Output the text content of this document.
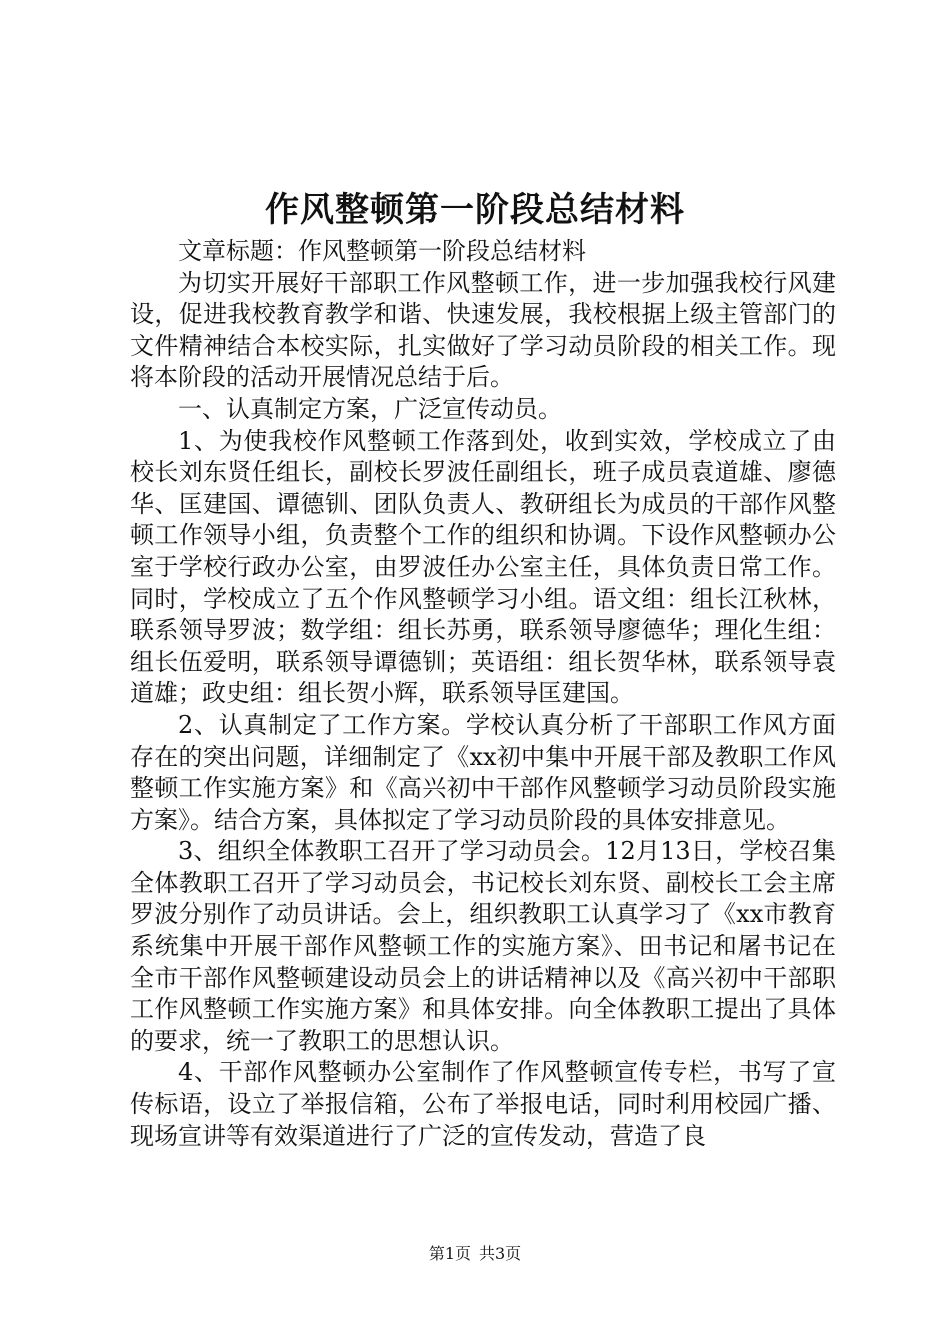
作风整顿第一阶段总结材料

文章标题：作风整顿第一阶段总结材料

为切实开展好干部职工作风整顿工作，进一步加强我校行风建设，促进我校教育教学和谐、快速发展，我校根据上级主管部门的文件精神结合本校实际，扎实做好了学习动员阶段的相关工作。现将本阶段的活动开展情况总结于后。

一、认真制定方案，广泛宣传动员。

1、为使我校作风整顿工作落到处，收到实效，学校成立了由校长刘东贤任组长，副校长罗波任副组长，班子成员袁道雄、廖德华、匡建国、谭德钏、团队负责人、教研组长为成员的干部作风整顿工作领导小组，负责整个工作的组织和协调。下设作风整顿办公室于学校行政办公室，由罗波任办公室主任，具体负责日常工作。同时，学校成立了五个作风整顿学习小组。语文组：组长江秋林，联系领导罗波；数学组：组长苏勇，联系领导廖德华；理化生组：组长伍爱明，联系领导谭德钏；英语组：组长贺华林，联系领导袁道雄；政史组：组长贺小辉，联系领导匡建国。

2、认真制定了工作方案。学校认真分析了干部职工作风方面存在的突出问题，详细制定了《xx初中集中开展干部及教职工作风整顿工作实施方案》和《高兴初中干部作风整顿学习动员阶段实施方案》。结合方案，具体拟定了学习动员阶段的具体安排意见。

3、组织全体教职工召开了学习动员会。12月13日，学校召集全体教职工召开了学习动员会，书记校长刘东贤、副校长工会主席罗波分别作了动员讲话。会上，组织教职工认真学习了《xx市教育系统集中开展干部作风整顿工作的实施方案》、田书记和屠书记在全市干部作风整顿建设动员会上的讲话精神以及《高兴初中干部职工作风整顿工作实施方案》和具体安排。向全体教职工提出了具体的要求，统一了教职工的思想认识。

4、干部作风整顿办公室制作了作风整顿宣传专栏，书写了宣传标语，设立了举报信箱，公布了举报电话，同时利用校园广播、现场宣讲等有效渠道进行了广泛的宣传发动，营造了良

第1页 共3页
